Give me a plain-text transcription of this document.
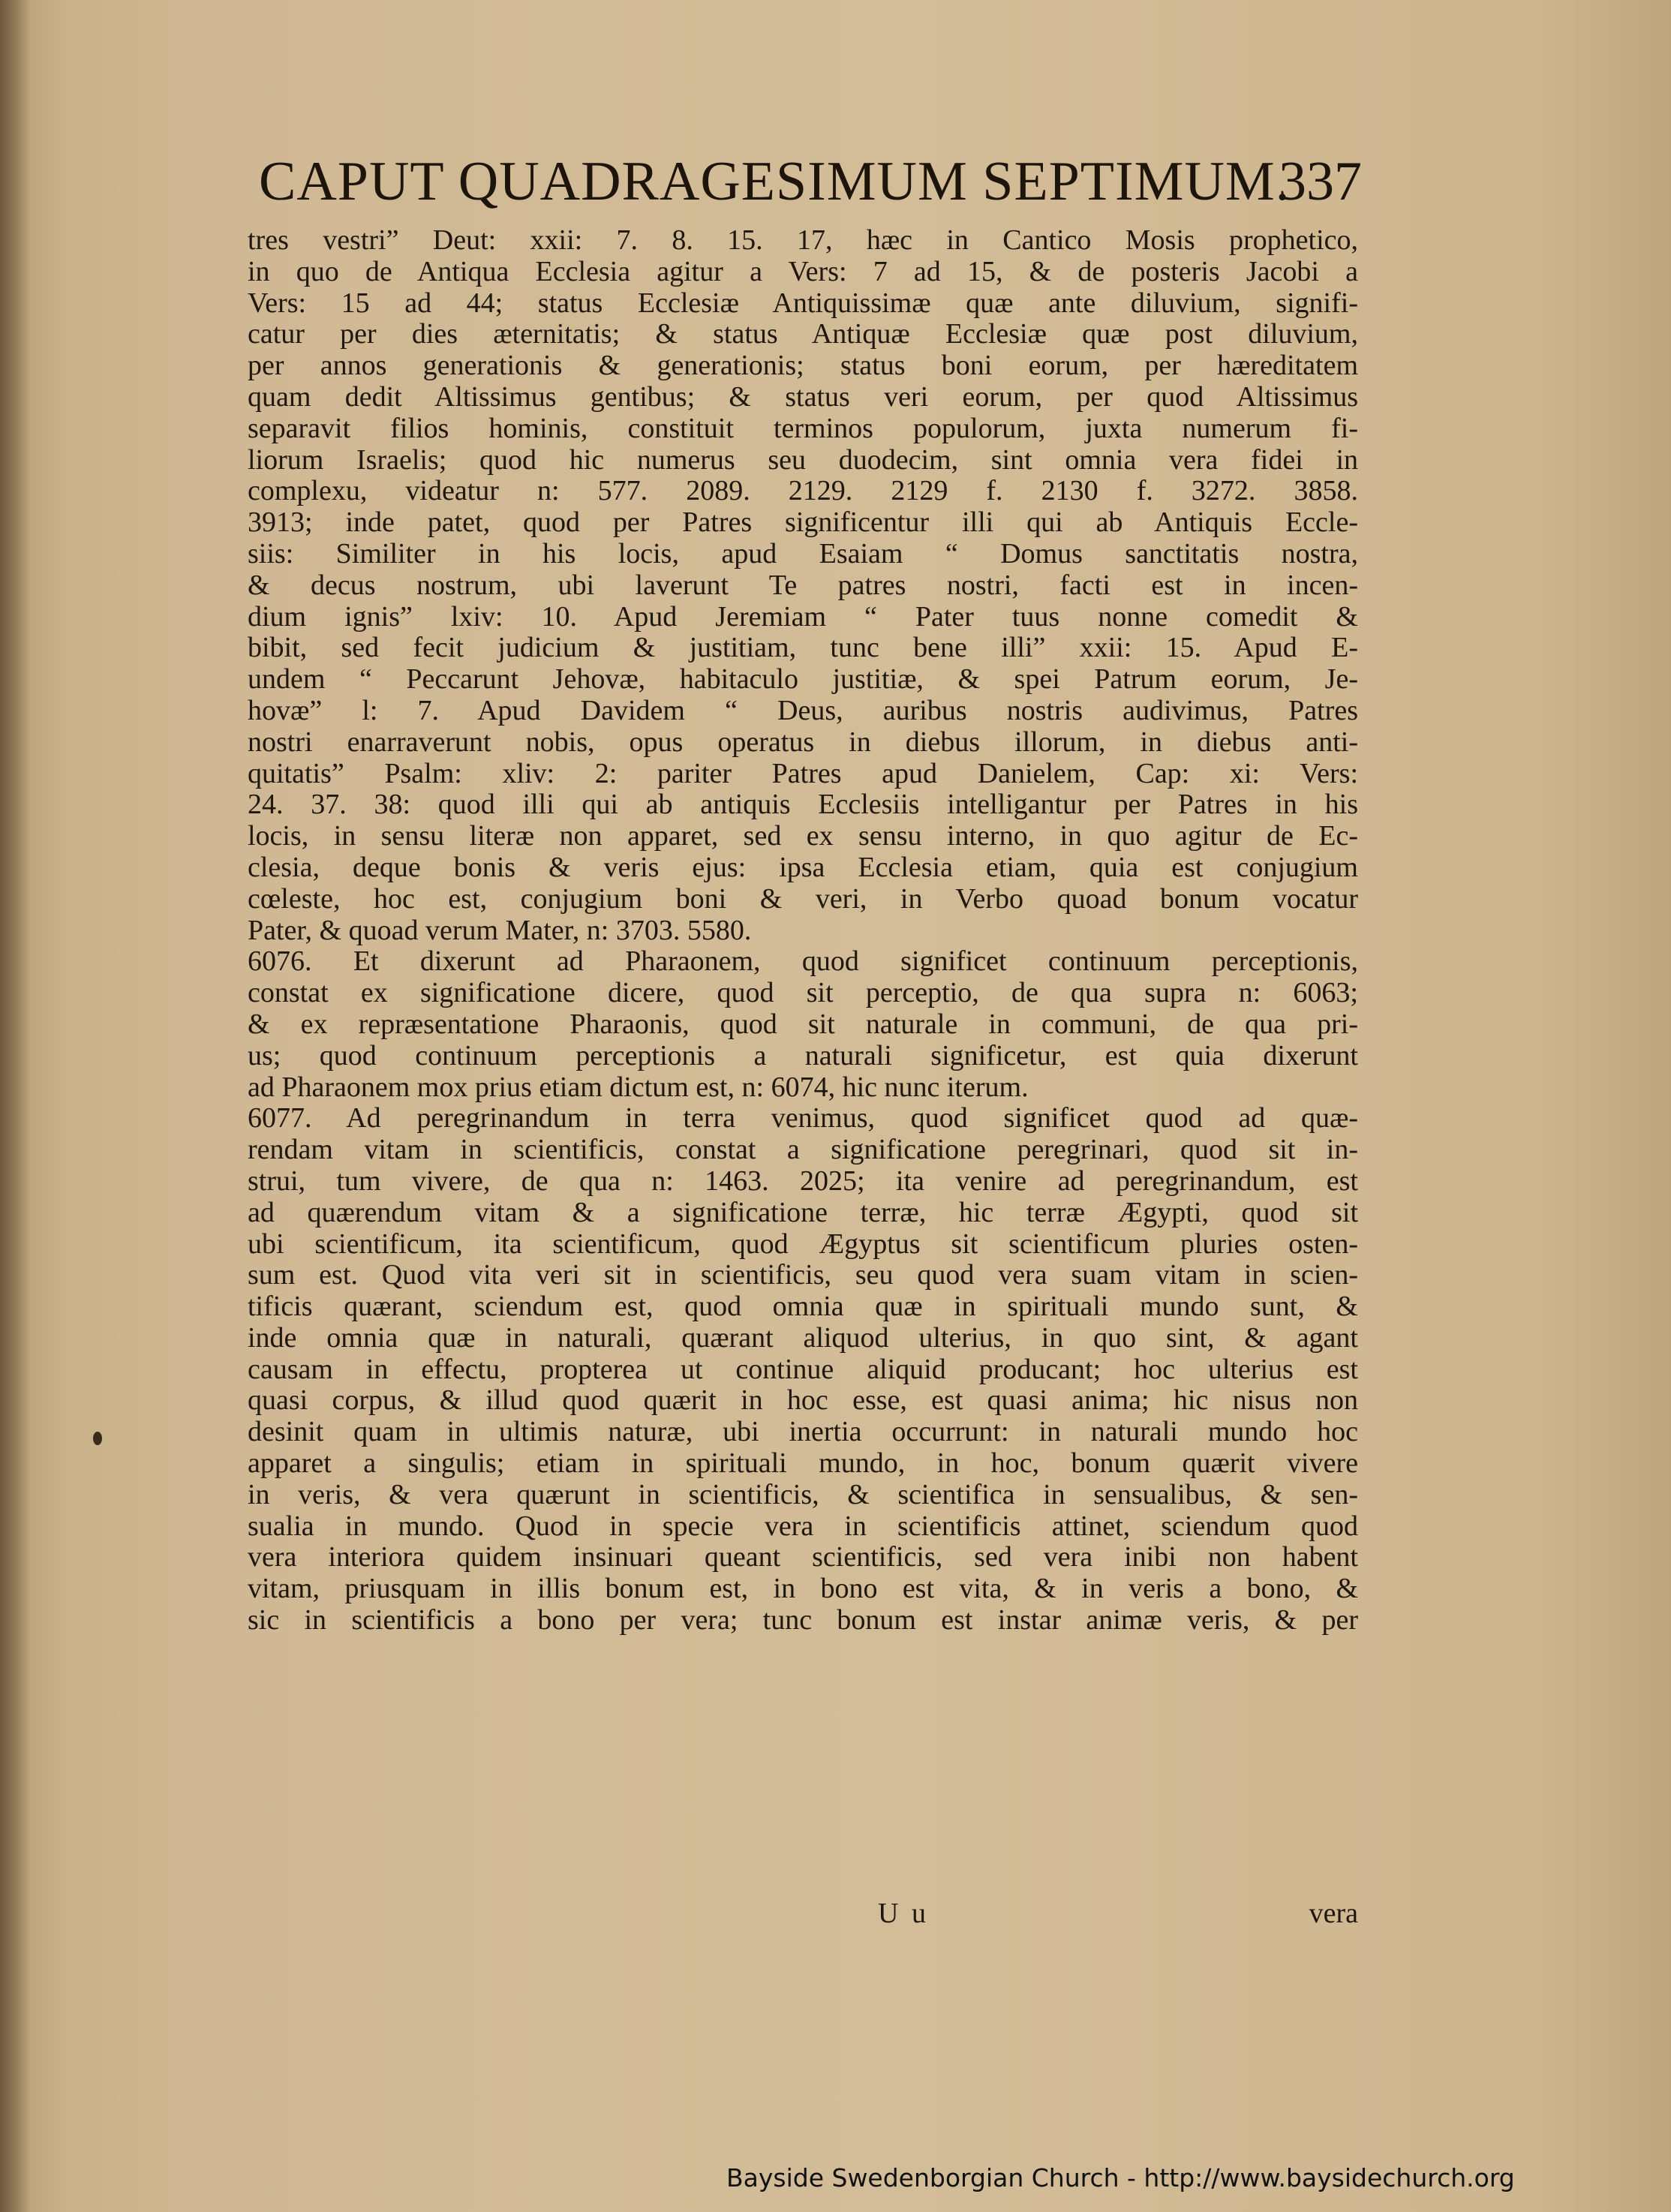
CAPUT QUADRAGESIMUM SEPTIMUM.
337
tres vestri” Deut: xxii: 7. 8. 15. 17, hæc in Cantico Mosis prophetico,
in quo de Antiqua Ecclesia agitur a Vers: 7 ad 15, & de posteris Jacobi a
Vers: 15 ad 44; status Ecclesiæ Antiquissimæ quæ ante diluvium, signifi-
catur per dies æternitatis; & status Antiquæ Ecclesiæ quæ post diluvium,
per annos generationis & generationis; status boni eorum, per hæreditatem
quam dedit Altissimus gentibus; & status veri eorum, per quod Altissimus
separavit filios hominis, constituit terminos populorum, juxta numerum fi-
liorum Israelis; quod hic numerus seu duodecim, sint omnia vera fidei in
complexu, videatur n: 577. 2089. 2129. 2129 f. 2130 f. 3272. 3858.
3913; inde patet, quod per Patres significentur illi qui ab Antiquis Eccle-
siis: Similiter in his locis, apud Esaiam “ Domus sanctitatis nostra,
& decus nostrum, ubi laverunt Te patres nostri, facti est in incen-
dium ignis” lxiv: 10. Apud Jeremiam “ Pater tuus nonne comedit &
bibit, sed fecit judicium & justitiam, tunc bene illi” xxii: 15. Apud E-
undem “ Peccarunt Jehovæ, habitaculo justitiæ, & spei Patrum eorum, Je-
hovæ” l: 7. Apud Davidem “ Deus, auribus nostris audivimus, Patres
nostri enarraverunt nobis, opus operatus in diebus illorum, in diebus anti-
quitatis” Psalm: xliv: 2: pariter Patres apud Danielem, Cap: xi: Vers:
24. 37. 38: quod illi qui ab antiquis Ecclesiis intelligantur per Patres in his
locis, in sensu literæ non apparet, sed ex sensu interno, in quo agitur de Ec-
clesia, deque bonis & veris ejus: ipsa Ecclesia etiam, quia est conjugium
cœleste, hoc est, conjugium boni & veri, in Verbo quoad bonum vocatur
Pater, & quoad verum Mater, n: 3703. 5580.
6076. Et dixerunt ad Pharaonem, quod significet continuum perceptionis,
constat ex significatione dicere, quod sit perceptio, de qua supra n: 6063;
& ex repræsentatione Pharaonis, quod sit naturale in communi, de qua pri-
us; quod continuum perceptionis a naturali significetur, est quia dixerunt
ad Pharaonem mox prius etiam dictum est, n: 6074, hic nunc iterum.
6077. Ad peregrinandum in terra venimus, quod significet quod ad quæ-
rendam vitam in scientificis, constat a significatione peregrinari, quod sit in-
strui, tum vivere, de qua n: 1463. 2025; ita venire ad peregrinandum, est
ad quærendum vitam & a significatione terræ, hic terræ Ægypti, quod sit
ubi scientificum, ita scientificum, quod Ægyptus sit scientificum pluries osten-
sum est. Quod vita veri sit in scientificis, seu quod vera suam vitam in scien-
tificis quærant, sciendum est, quod omnia quæ in spirituali mundo sunt, &
inde omnia quæ in naturali, quærant aliquod ulterius, in quo sint, & agant
causam in effectu, propterea ut continue aliquid producant; hoc ulterius est
quasi corpus, & illud quod quærit in hoc esse, est quasi anima; hic nisus non
desinit quam in ultimis naturæ, ubi inertia occurrunt: in naturali mundo hoc
apparet a singulis; etiam in spirituali mundo, in hoc, bonum quærit vivere
in veris, & vera quærunt in scientificis, & scientifica in sensualibus, & sen-
sualia in mundo. Quod in specie vera in scientificis attinet, sciendum quod
vera interiora quidem insinuari queant scientificis, sed vera inibi non habent
vitam, priusquam in illis bonum est, in bono est vita, & in veris a bono, &
sic in scientificis a bono per vera; tunc bonum est instar animæ veris, & per
U u	vera
Bayside Swedenborgian Church - http://www.baysidechurch.org
